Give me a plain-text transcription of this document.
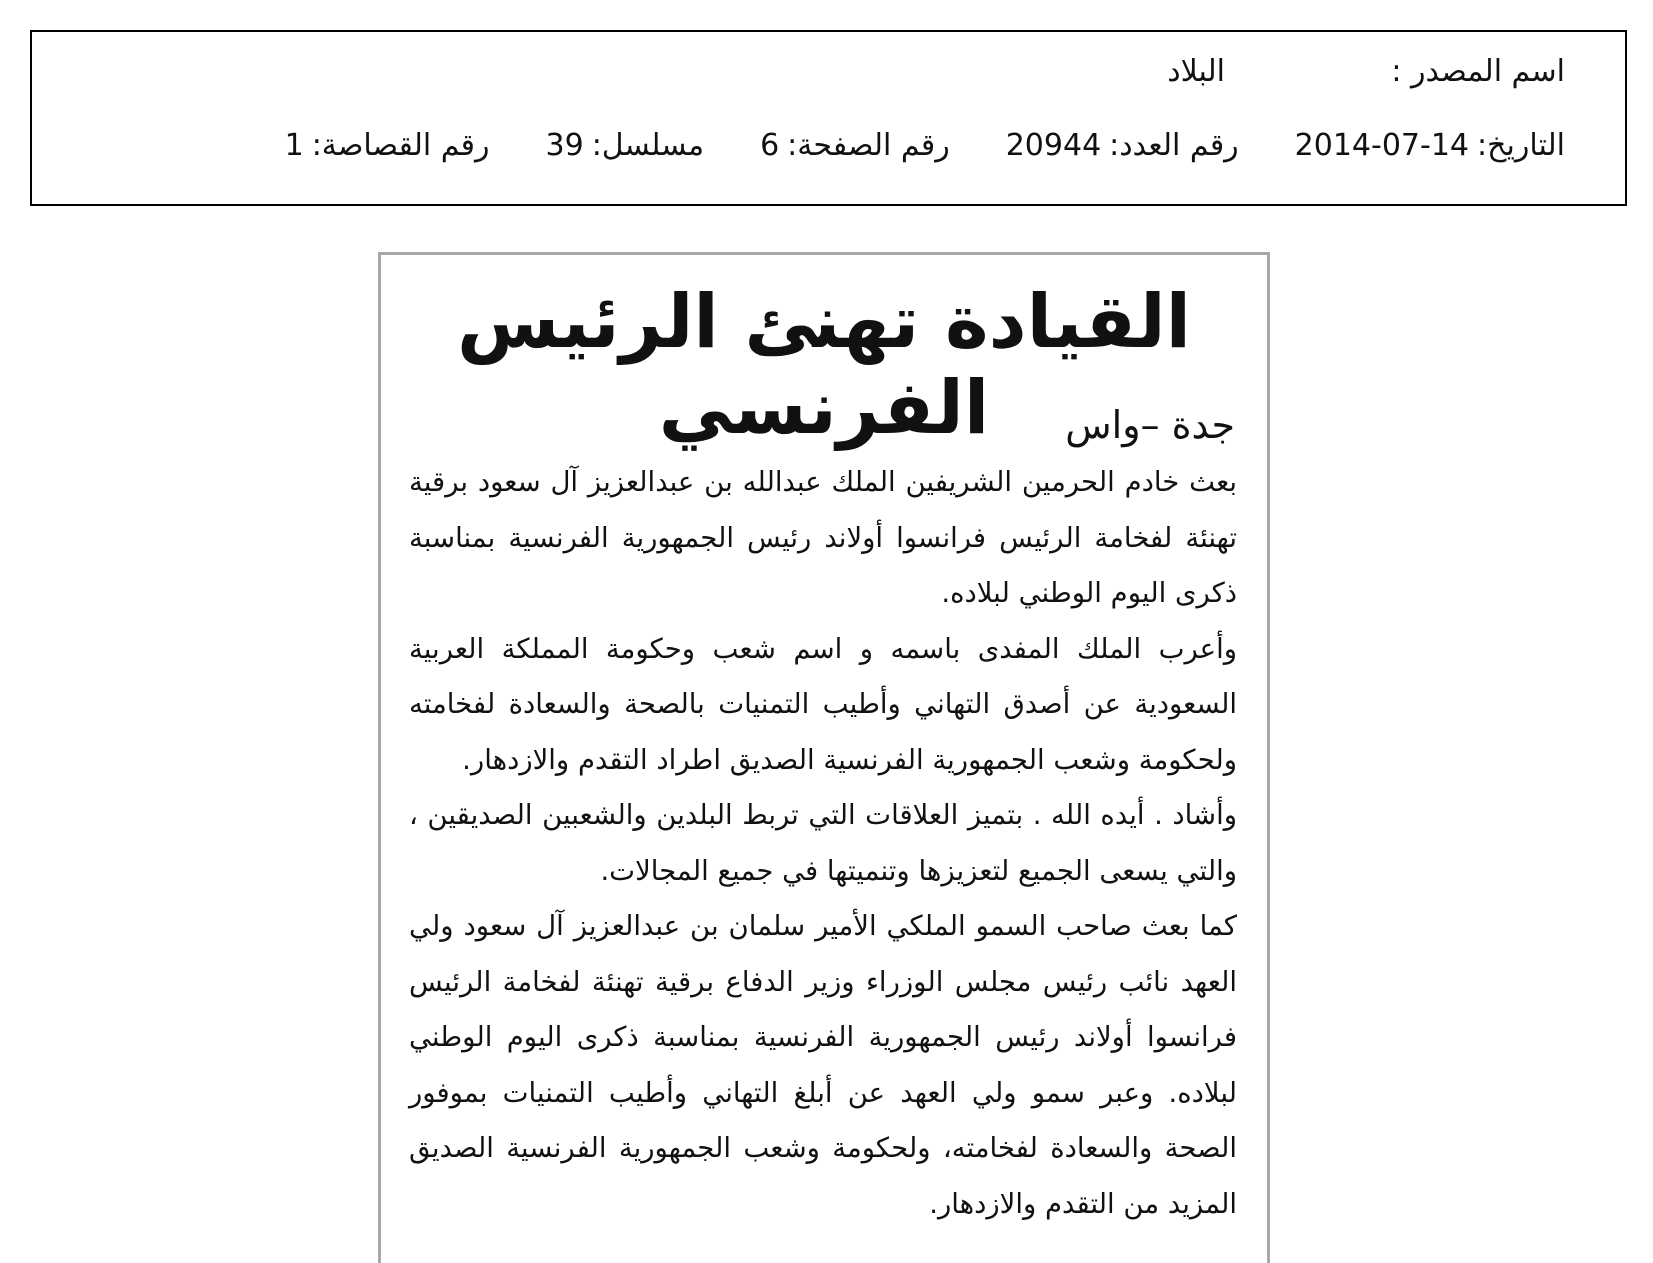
اسم المصدر :
البلاد
التاريخ:
2014-07-14
رقم العدد:
20944
رقم الصفحة:
6
مسلسل:
39
رقم القصاصة:
1
القيادة تهنئ الرئيس الفرنسي	جدة –واس

بعث خادم الحرمين الشريفين الملك عبدالله بن عبدالعزيز آل سعود برقية تهنئة لفخامة الرئيس فرانسوا أولاند رئيس الجمهورية الفرنسية بمناسبة ذكرى اليوم الوطني لبلاده.

وأعرب الملك المفدى باسمه و اسم شعب وحكومة المملكة العربية السعودية عن أصدق التهاني وأطيب التمنيات بالصحة والسعادة لفخامته ولحكومة وشعب الجمهورية الفرنسية الصديق اطراد التقدم والازدهار.

وأشاد . أيده الله . بتميز العلاقات التي تربط البلدين والشعبين الصديقين ، والتي يسعى الجميع لتعزيزها وتنميتها في جميع المجالات.

كما بعث صاحب السمو الملكي الأمير سلمان بن عبدالعزيز آل سعود ولي العهد نائب رئيس مجلس الوزراء وزير الدفاع برقية تهنئة لفخامة الرئيس فرانسوا أولاند رئيس الجمهورية الفرنسية بمناسبة ذكرى اليوم الوطني لبلاده. وعبر سمو ولي العهد عن أبلغ التهاني وأطيب التمنيات بموفور الصحة والسعادة لفخامته، ولحكومة وشعب الجمهورية الفرنسية الصديق المزيد من التقدم والازدهار.
